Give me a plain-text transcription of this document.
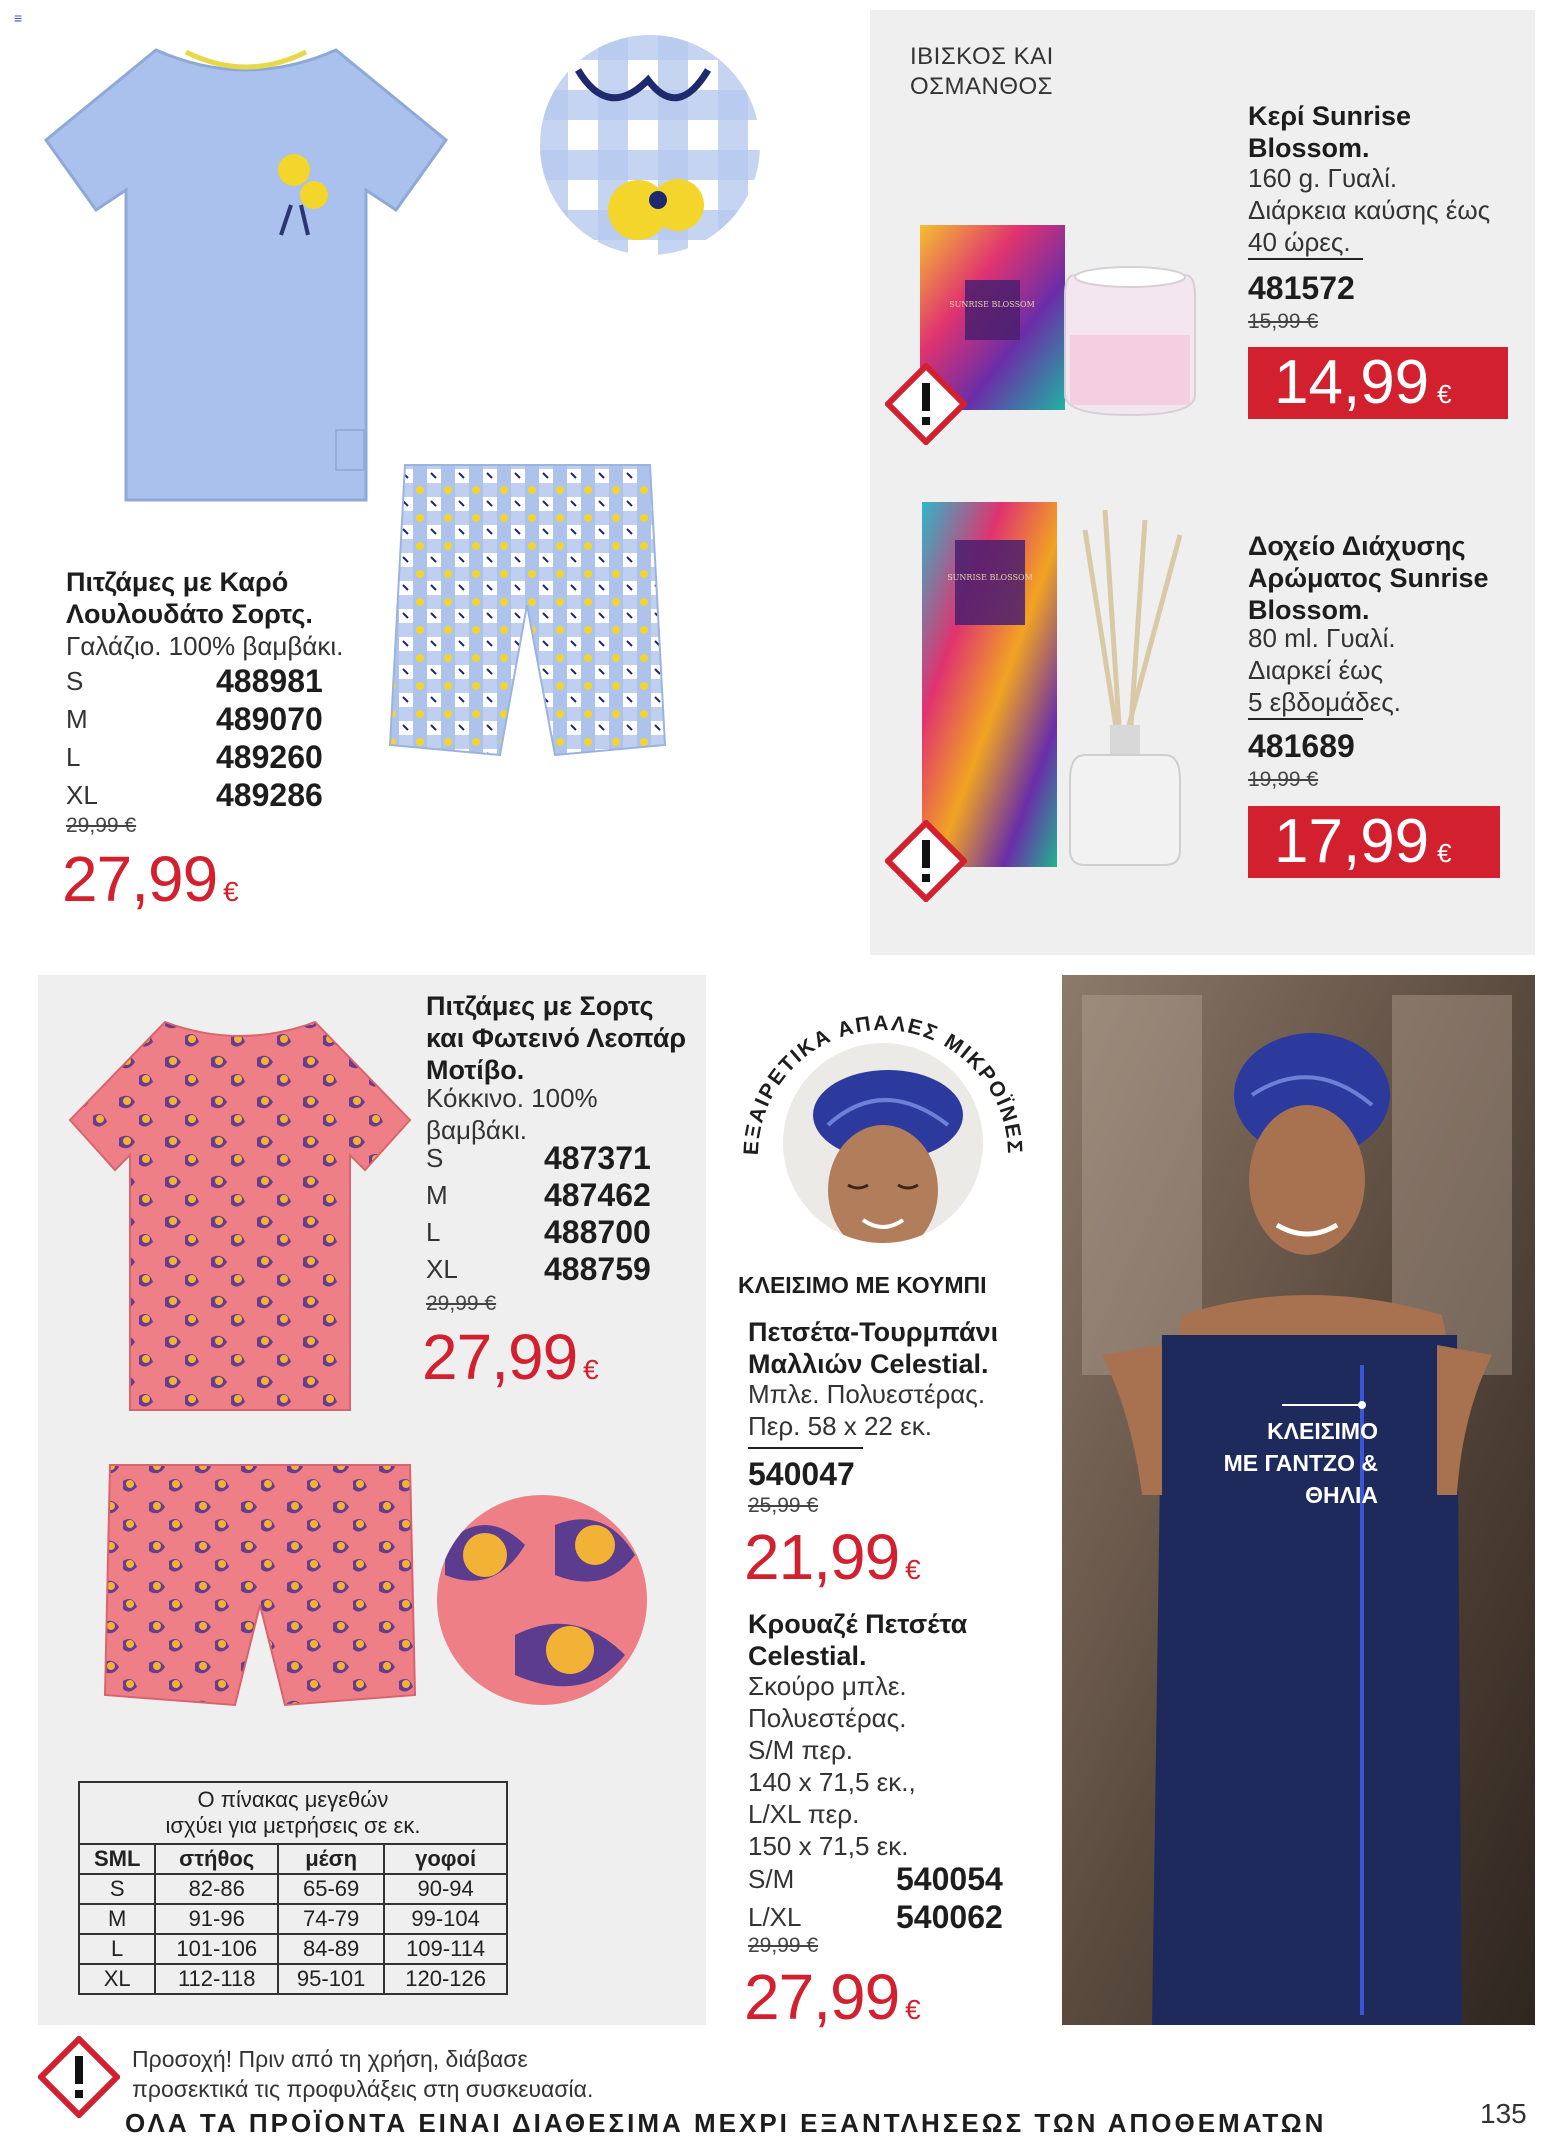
≡
Πιτζάμες με Καρό
Λουλουδάτο Σορτς.
Γαλάζιο. 100% βαμβάκι.
S	488981
M	489070
L	489260
XL	489286
29,99 €
27,99 €
ΙΒΙΣΚΟΣ ΚΑΙ
ΟΣΜΑΝΘΟΣ
SUNRISE BLOSSOM
Κερί Sunrise
Blossom.
160 g. Γυαλί.
Διάρκεια καύσης έως
40 ώρες.
481572
15,99 €
14,99 €
SUNRISE BLOSSOM
Δοχείο Διάχυσης
Αρώματος Sunrise
Blossom.
80 ml. Γυαλί.
Διαρκεί έως
5 εβδομάδες.
481689
19,99 €
17,99 €
Πιτζάμες με Σορτς
και Φωτεινό Λεοπάρ
Μοτίβο.
Κόκκινο. 100%
βαμβάκι.
S	487371
M	487462
L	488700
XL	488759
29,99 €
27,99 €
Ο πίνακας μεγεθών
ισχύει για μετρήσεις σε εκ.
SML	στήθος	μέση	γοφοί
S	82-86	65-69	90-94
M	91-96	74-79	99-104
L	101-106	84-89	109-114
XL	112-118	95-101	120-126
ΕΞΑΙΡΕΤΙΚΑ ΑΠΑΛΕΣ ΜΙΚΡΟΪΝΕΣ
ΚΛΕΙΣΙΜΟ ΜΕ ΚΟΥΜΠΙ
Πετσέτα-Τουρμπάνι
Μαλλιών Celestial.
Μπλε. Πολυεστέρας.
Περ. 58 x 22 εκ.
540047
25,99 €
21,99 €
Κρουαζέ Πετσέτα
Celestial.
Σκούρο μπλε.
Πολυεστέρας.
S/M περ.
140 x 71,5 εκ.,
L/XL περ.
150 x 71,5 εκ.
S/M	540054
L/XL	540062
29,99 €
27,99 €
ΚΛΕΙΣΙΜΟ
ΜΕ ΓΑΝΤΖΟ &
ΘΗΛΙΑ
Προσοχή! Πριν από τη χρήση, διάβασε
προσεκτικά τις προφυλάξεις στη συσκευασία.
ΟΛΑ ΤΑ ΠΡΟΪΟΝΤΑ ΕΙΝΑΙ ΔΙΑΘΕΣΙΜΑ ΜΕΧΡΙ ΕΞΑΝΤΛΗΣΕΩΣ ΤΩΝ ΑΠΟΘΕΜΑΤΩΝ	135
